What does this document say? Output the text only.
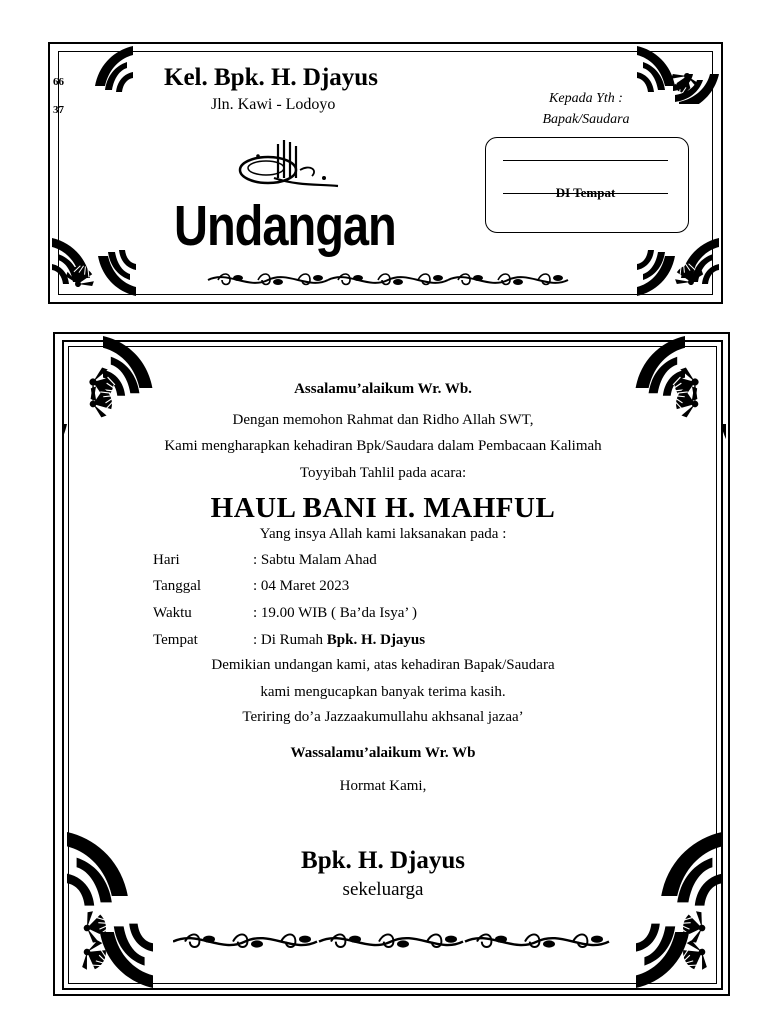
66
37
Kel. Bpk. H. Djayus
Jln. Kawi - Lodoyo
Undangan
Kepada Yth :
Bapak/Saudara
DI Tempat
Assalamu’alaikum Wr. Wb.
Dengan memohon Rahmat dan Ridho Allah SWT,
Kami mengharapkan kehadiran Bpk/Saudara dalam Pembacaan Kalimah
Toyyibah Tahlil pada acara:
HAUL BANI H. MAHFUL
Yang insya Allah kami laksanakan pada :
Hari	: Sabtu Malam Ahad
Tanggal	: 04 Maret 2023
Waktu	: 19.00 WIB ( Ba’da Isya’ )
Tempat	: Di Rumah Bpk. H. Djayus
Demikian undangan kami, atas kehadiran Bapak/Saudara
kami mengucapkan banyak terima kasih.
Teriring do’a Jazzaakumullahu akhsanal jazaa’
Wassalamu’alaikum Wr. Wb
Hormat Kami,
Bpk. H. Djayus
sekeluarga
